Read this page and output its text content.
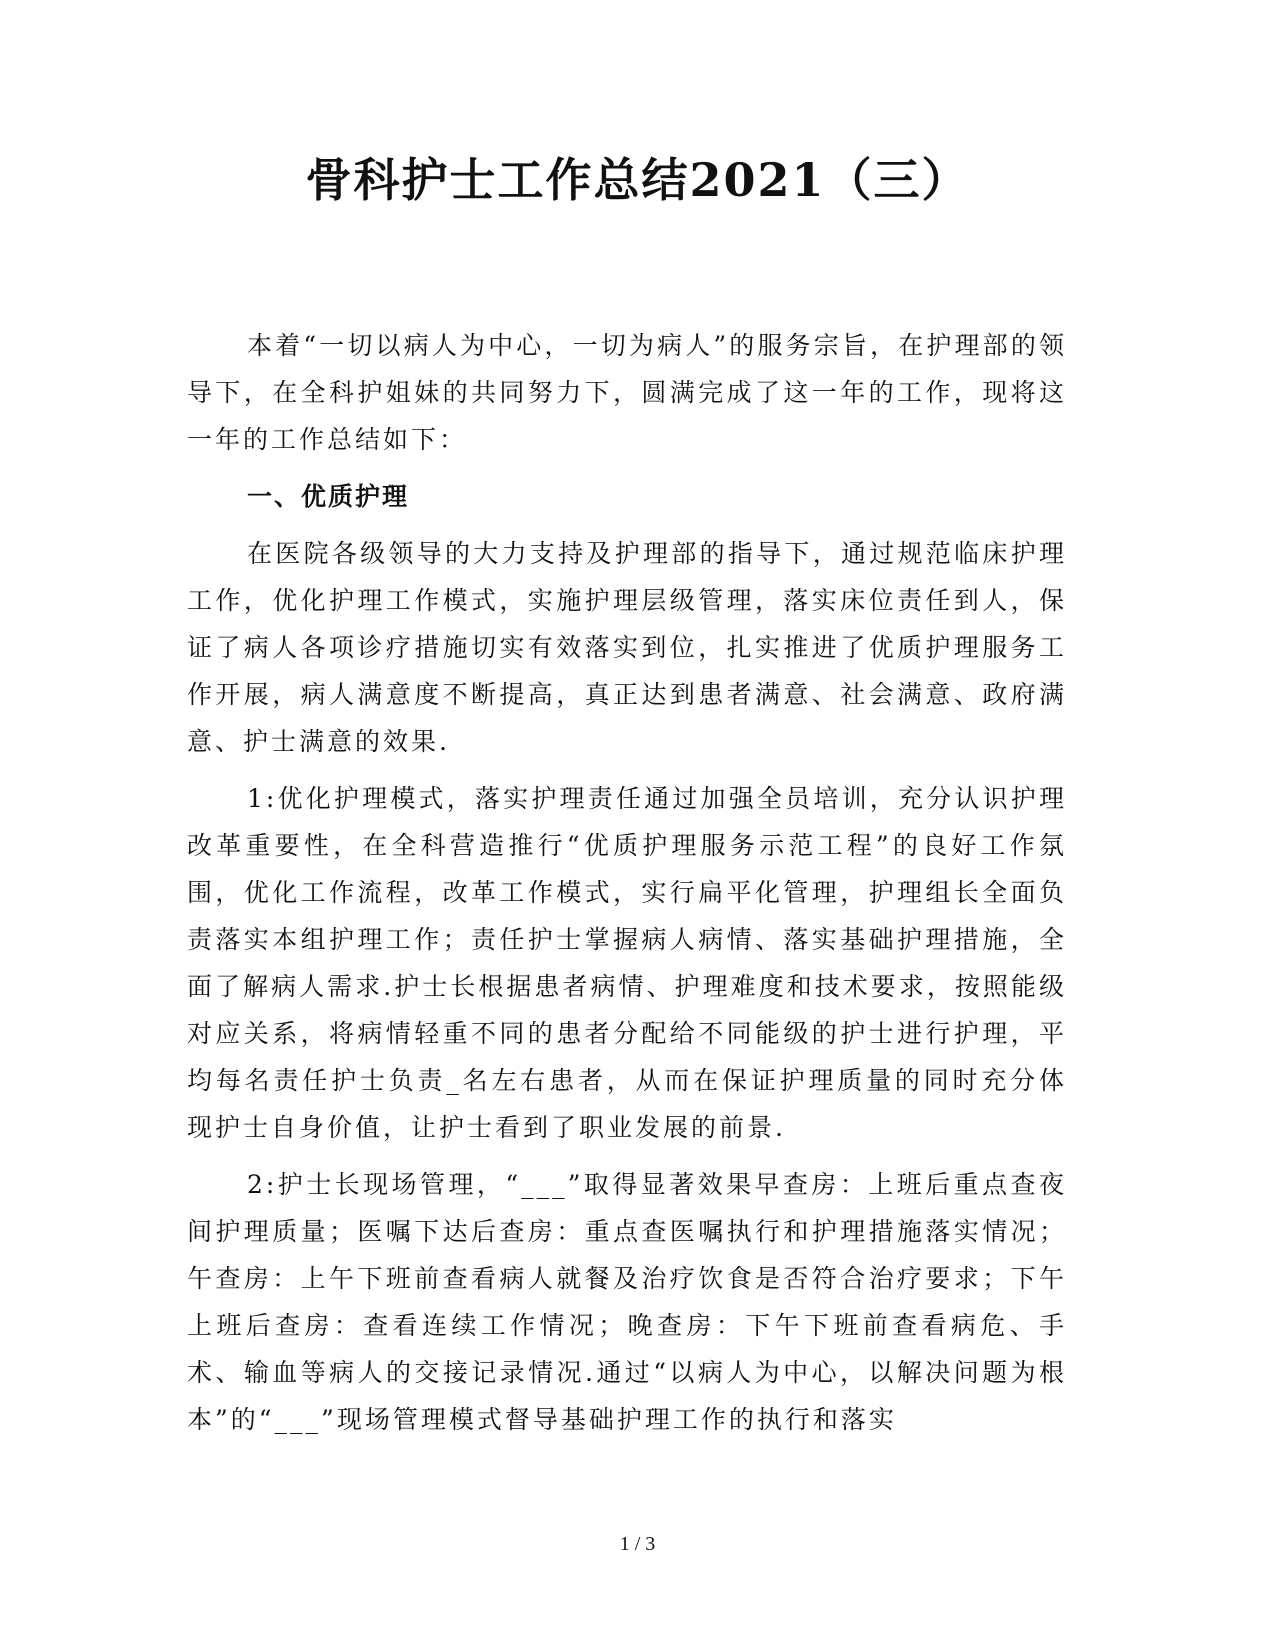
骨科护士工作总结2021（三）

本着“一切以病人为中心，一切为病人”的服务宗旨，在护理部的领导下，在全科护姐妹的共同努力下，圆满完成了这一年的工作，现将这一年的工作总结如下：

一、优质护理

在医院各级领导的大力支持及护理部的指导下，通过规范临床护理工作，优化护理工作模式，实施护理层级管理，落实床位责任到人，保证了病人各项诊疗措施切实有效落实到位，扎实推进了优质护理服务工作开展，病人满意度不断提高，真正达到患者满意、社会满意、政府满意、护士满意的效果.

1:优化护理模式，落实护理责任通过加强全员培训，充分认识护理改革重要性，在全科营造推行“优质护理服务示范工程”的良好工作氛围，优化工作流程，改革工作模式，实行扁平化管理，护理组长全面负责落实本组护理工作；责任护士掌握病人病情、落实基础护理措施，全面了解病人需求.护士长根据患者病情、护理难度和技术要求，按照能级对应关系，将病情轻重不同的患者分配给不同能级的护士进行护理，平均每名责任护士负责_名左右患者，从而在保证护理质量的同时充分体现护士自身价值，让护士看到了职业发展的前景.

2:护士长现场管理，“___”取得显著效果早查房：上班后重点查夜间护理质量；医嘱下达后查房：重点查医嘱执行和护理措施落实情况；午查房：上午下班前查看病人就餐及治疗饮食是否符合治疗要求；下午上班后查房：查看连续工作情况；晚查房：下午下班前查看病危、手术、输血等病人的交接记录情况.通过“以病人为中心，以解决问题为根本”的“___”现场管理模式督导基础护理工作的执行和落实

1 / 3
